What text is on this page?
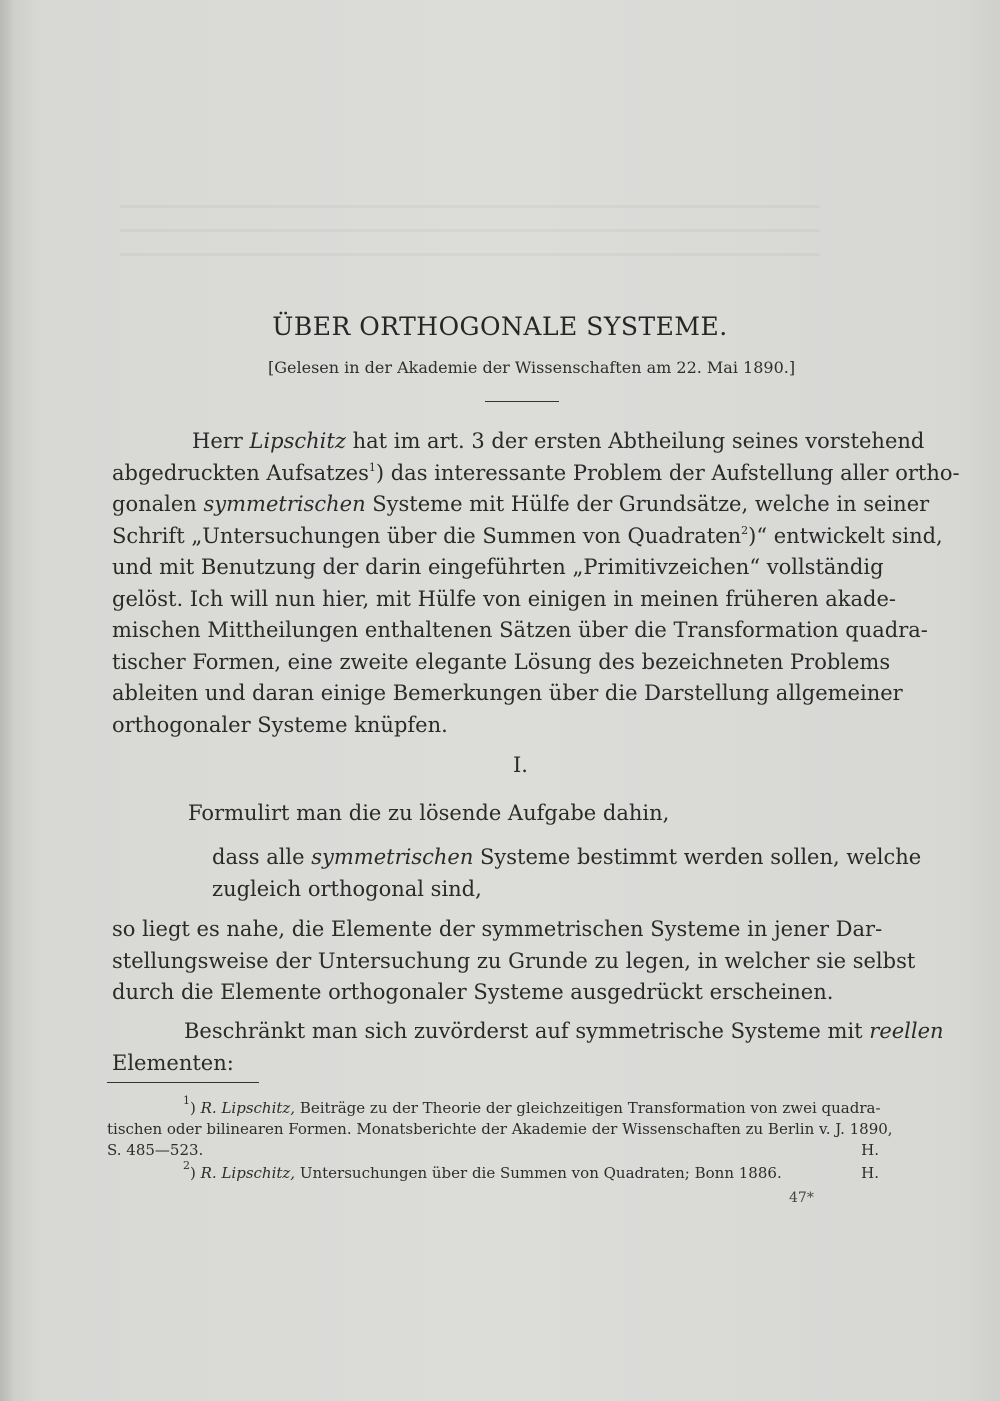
ÜBER ORTHOGONALE SYSTEME.
[Gelesen in der Akademie der Wissenschaften am 22. Mai 1890.]
Herr Lipschitz hat im art. 3 der ersten Abtheilung seines vorstehend
abgedruckten Aufsatzes$^1$) das interessante Problem der Aufstellung aller ortho-
gonalen symmetrischen Systeme mit Hülfe der Grundsätze, welche in seiner
Schrift „Untersuchungen über die Summen von Quadraten$^2$)“ entwickelt sind,
und mit Benutzung der darin eingeführten „Primitivzeichen“ vollständig
gelöst. Ich will nun hier, mit Hülfe von einigen in meinen früheren akade-
mischen Mittheilungen enthaltenen Sätzen über die Transformation quadra-
tischer Formen, eine zweite elegante Lösung des bezeichneten Problems
ableiten und daran einige Bemerkungen über die Darstellung allgemeiner
orthogonaler Systeme knüpfen.
I.
Formulirt man die zu lösende Aufgabe dahin,
dass alle symmetrischen Systeme bestimmt werden sollen, welche
zugleich orthogonal sind,
so liegt es nahe, die Elemente der symmetrischen Systeme in jener Dar-
stellungsweise der Untersuchung zu Grunde zu legen, in welcher sie selbst
durch die Elemente orthogonaler Systeme ausgedrückt erscheinen.
Beschränkt man sich zuvörderst auf symmetrische Systeme mit reellen
Elementen:
$^1$) R. Lipschitz, Beiträge zu der Theorie der gleichzeitigen Transformation von zwei quadra-
tischen oder bilinearen Formen. Monatsberichte der Akademie der Wissenschaften zu Berlin v. J. 1890,
S. 485—523.	H.
$^2$) R. Lipschitz, Untersuchungen über die Summen von Quadraten; Bonn 1886.	H.
47*
